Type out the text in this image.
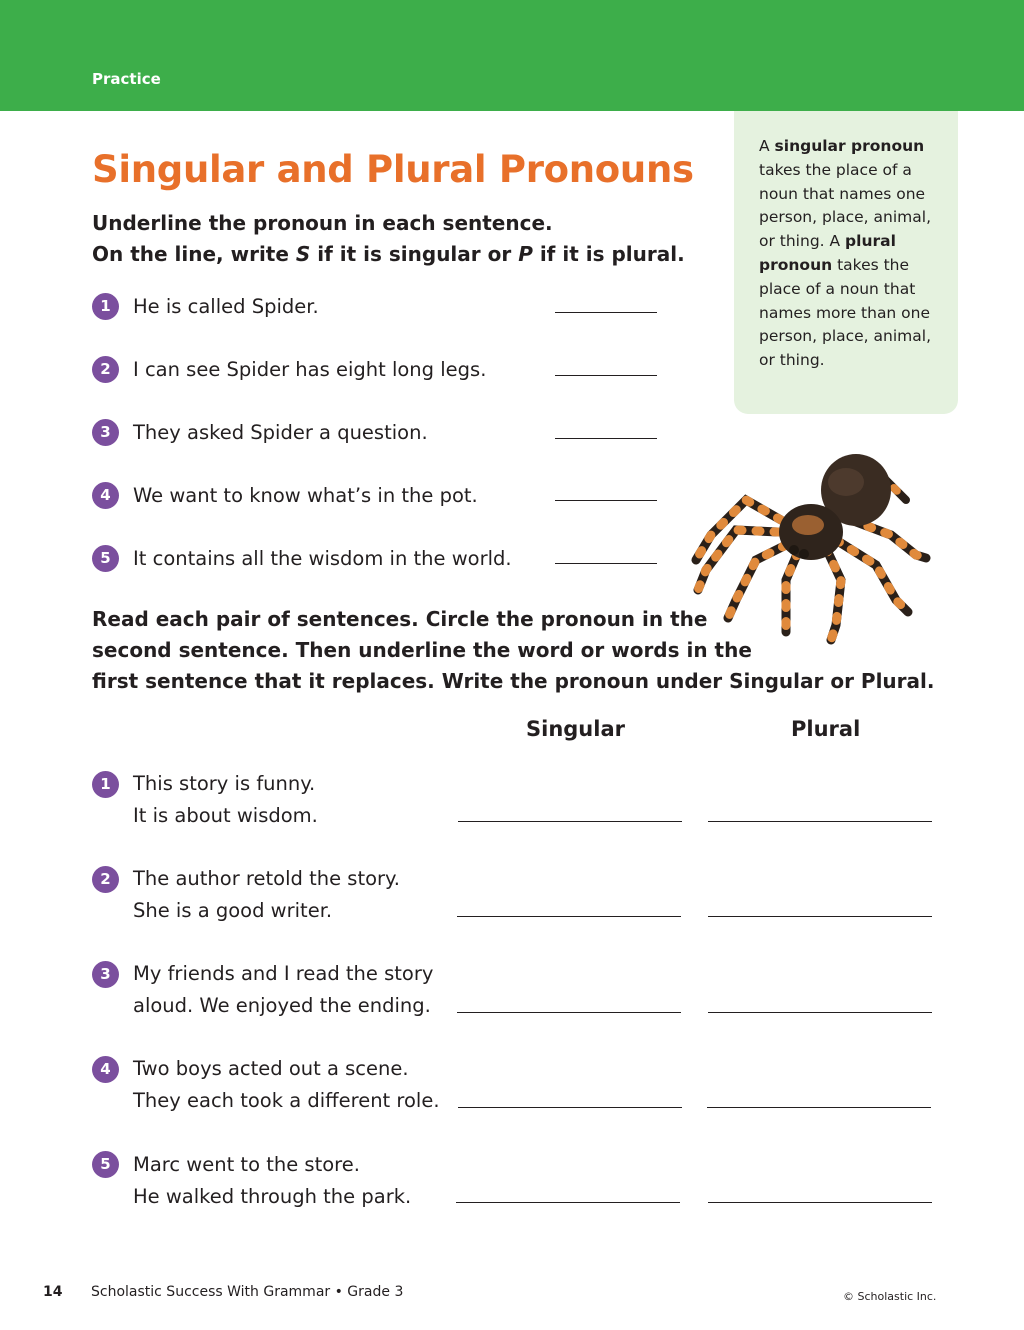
Practice
Singular and Plural Pronouns
Underline the pronoun in each sentence.
On the line, write S if it is singular or P if it is plural.
A singular pronoun takes the place of a noun that names one person, place, animal, or thing. A plural pronoun takes the place of a noun that names more than one person, place, animal, or thing.
1	He is called Spider.
2	I can see Spider has eight long legs.
3	They asked Spider a question.
4	We want to know what’s in the pot.
5	It contains all the wisdom in the world.
Read each pair of sentences. Circle the pronoun in the
second sentence. Then underline the word or words in the
first sentence that it replaces. Write the pronoun under Singular or Plural.
Singular	Plural
1	This story is funny.
It is about wisdom.
2	The author retold the story.
She is a good writer.
3	My friends and I read the story
aloud. We enjoyed the ending.
4	Two boys acted out a scene.
They each took a different role.
5	Marc went to the store.
He walked through the park.
14 Scholastic Success With Grammar • Grade 3	© Scholastic Inc.
